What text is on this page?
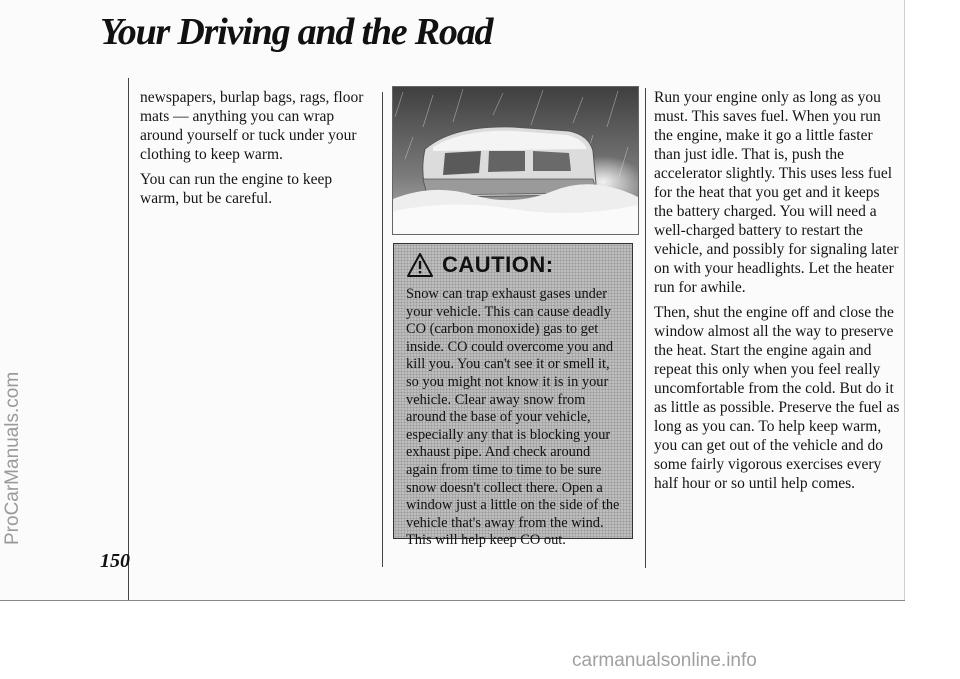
Your Driving and the Road

newspapers, burlap bags, rags, floor mats — anything you can wrap around yourself or tuck under your clothing to keep warm.

You can run the engine to keep warm, but be careful.

CAUTION:

Snow can trap exhaust gases under your vehicle. This can cause deadly CO (carbon monoxide) gas to get inside. CO could overcome you and kill you. You can't see it or smell it, so you might not know it is in your vehicle. Clear away snow from around the base of your vehicle, especially any that is blocking your exhaust pipe. And check around again from time to time to be sure snow doesn't collect there. Open a window just a little on the side of the vehicle that's away from the wind. This will help keep CO out.

Run your engine only as long as you must. This saves fuel. When you run the engine, make it go a little faster than just idle. That is, push the accelerator slightly. This uses less fuel for the heat that you get and it keeps the battery charged. You will need a well-charged battery to restart the vehicle, and possibly for signaling later on with your headlights. Let the heater run for awhile.

Then, shut the engine off and close the window almost all the way to preserve the heat. Start the engine again and repeat this only when you feel really uncomfortable from the cold. But do it as little as possible. Preserve the fuel as long as you can. To help keep warm, you can get out of the vehicle and do some fairly vigorous exercises every half hour or so until help comes.

150
ProCarManuals.com
carmanualsonline.info
